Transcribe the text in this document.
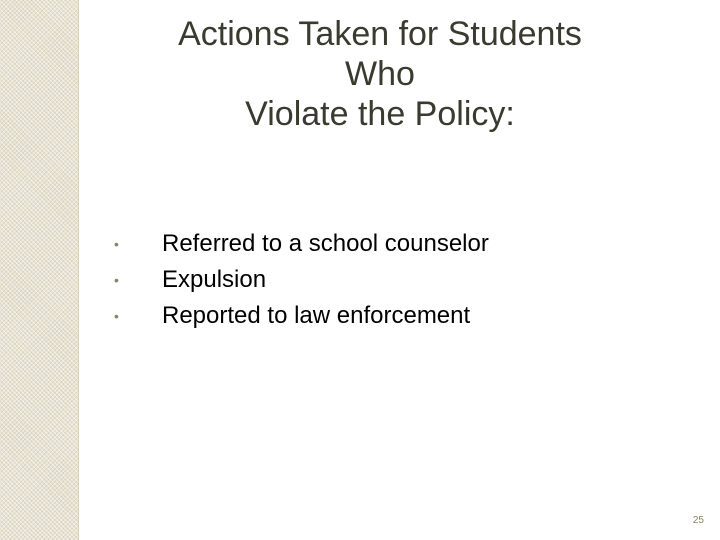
Actions Taken for Students
Who
Violate the Policy:
•	Referred to a school counselor
•	Expulsion
•	Reported to law enforcement
25
